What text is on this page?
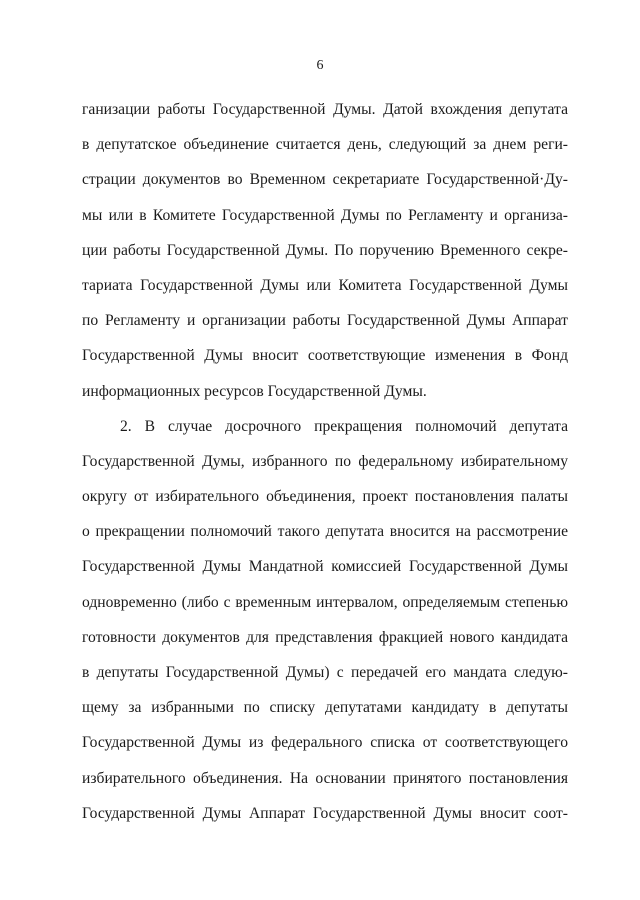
6
ганизации работы Государственной Думы. Датой вхождения депутата
в депутатское объединение считается день, следующий за днем реги-
страции документов во Временном секретариате Государственной·Ду-
мы или в Комитете Государственной Думы по Регламенту и организа-
ции работы Государственной Думы. По поручению Временного секре-
тариата Государственной Думы или Комитета Государственной Думы
по Регламенту и организации работы Государственной Думы Аппарат
Государственной Думы вносит соответствующие изменения в Фонд
информационных ресурсов Государственной Думы.
2. В случае досрочного прекращения полномочий депутата
Государственной Думы, избранного по федеральному избирательному
округу от избирательного объединения, проект постановления палаты
о прекращении полномочий такого депутата вносится на рассмотрение
Государственной Думы Мандатной комиссией Государственной Думы
одновременно (либо с временным интервалом, определяемым степенью
готовности документов для представления фракцией нового кандидата
в депутаты Государственной Думы) с передачей его мандата следую-
щему за избранными по списку депутатами кандидату в депутаты
Государственной Думы из федерального списка от соответствующего
избирательного объединения. На основании принятого постановления
Государственной Думы Аппарат Государственной Думы вносит соот-
